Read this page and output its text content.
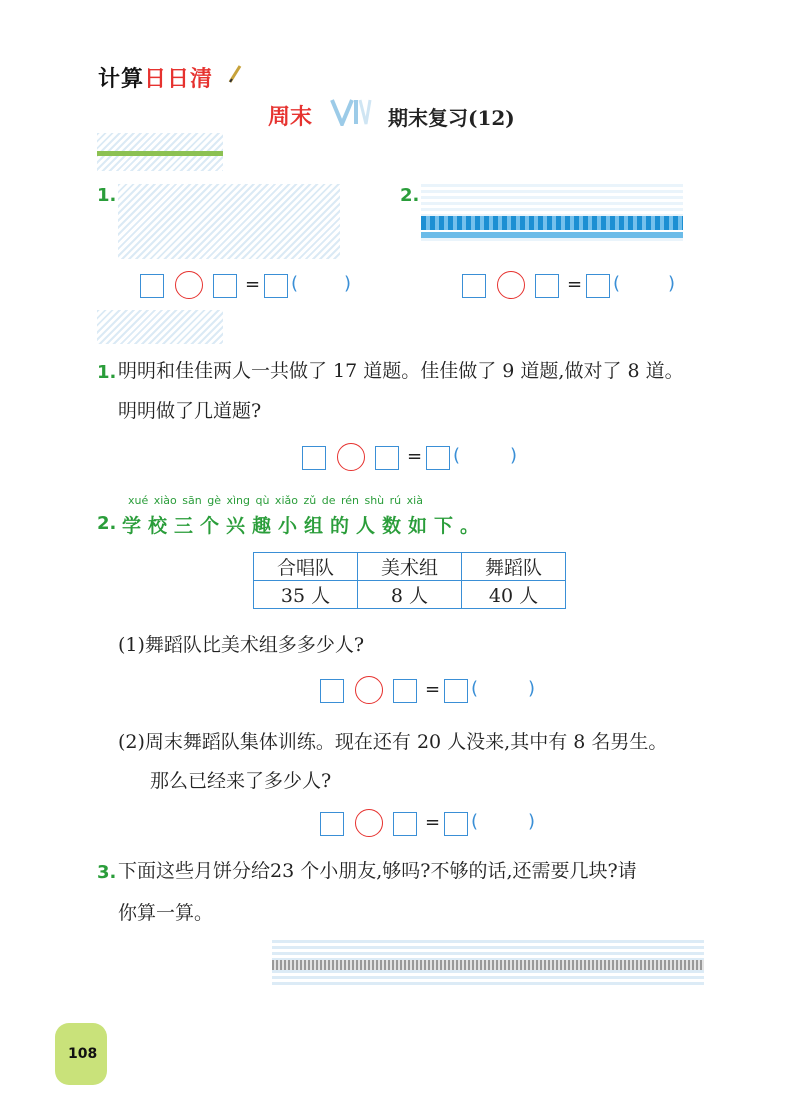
计算日日清
周末	期末复习(12)
1.
= (	)
2.
= (	)
1. 明明和佳佳两人一共做了 17 道题。佳佳做了 9 道题,做对了 8 道。
明明做了几道题?
= (	)
xué xiào sān gè xìng qù xiǎo zǔ de rén shù rú xià
2. 学校三个兴趣小组的人数如下。
合唱队	美术组	舞蹈队
35 人	8 人	40 人
(1)舞蹈队比美术组多多少人?
= (	)
(2)周末舞蹈队集体训练。现在还有 20 人没来,其中有 8 名男生。
那么已经来了多少人?
= (	)
3. 下面这些月饼分给23 个小朋友,够吗?不够的话,还需要几块?请
你算一算。
108
